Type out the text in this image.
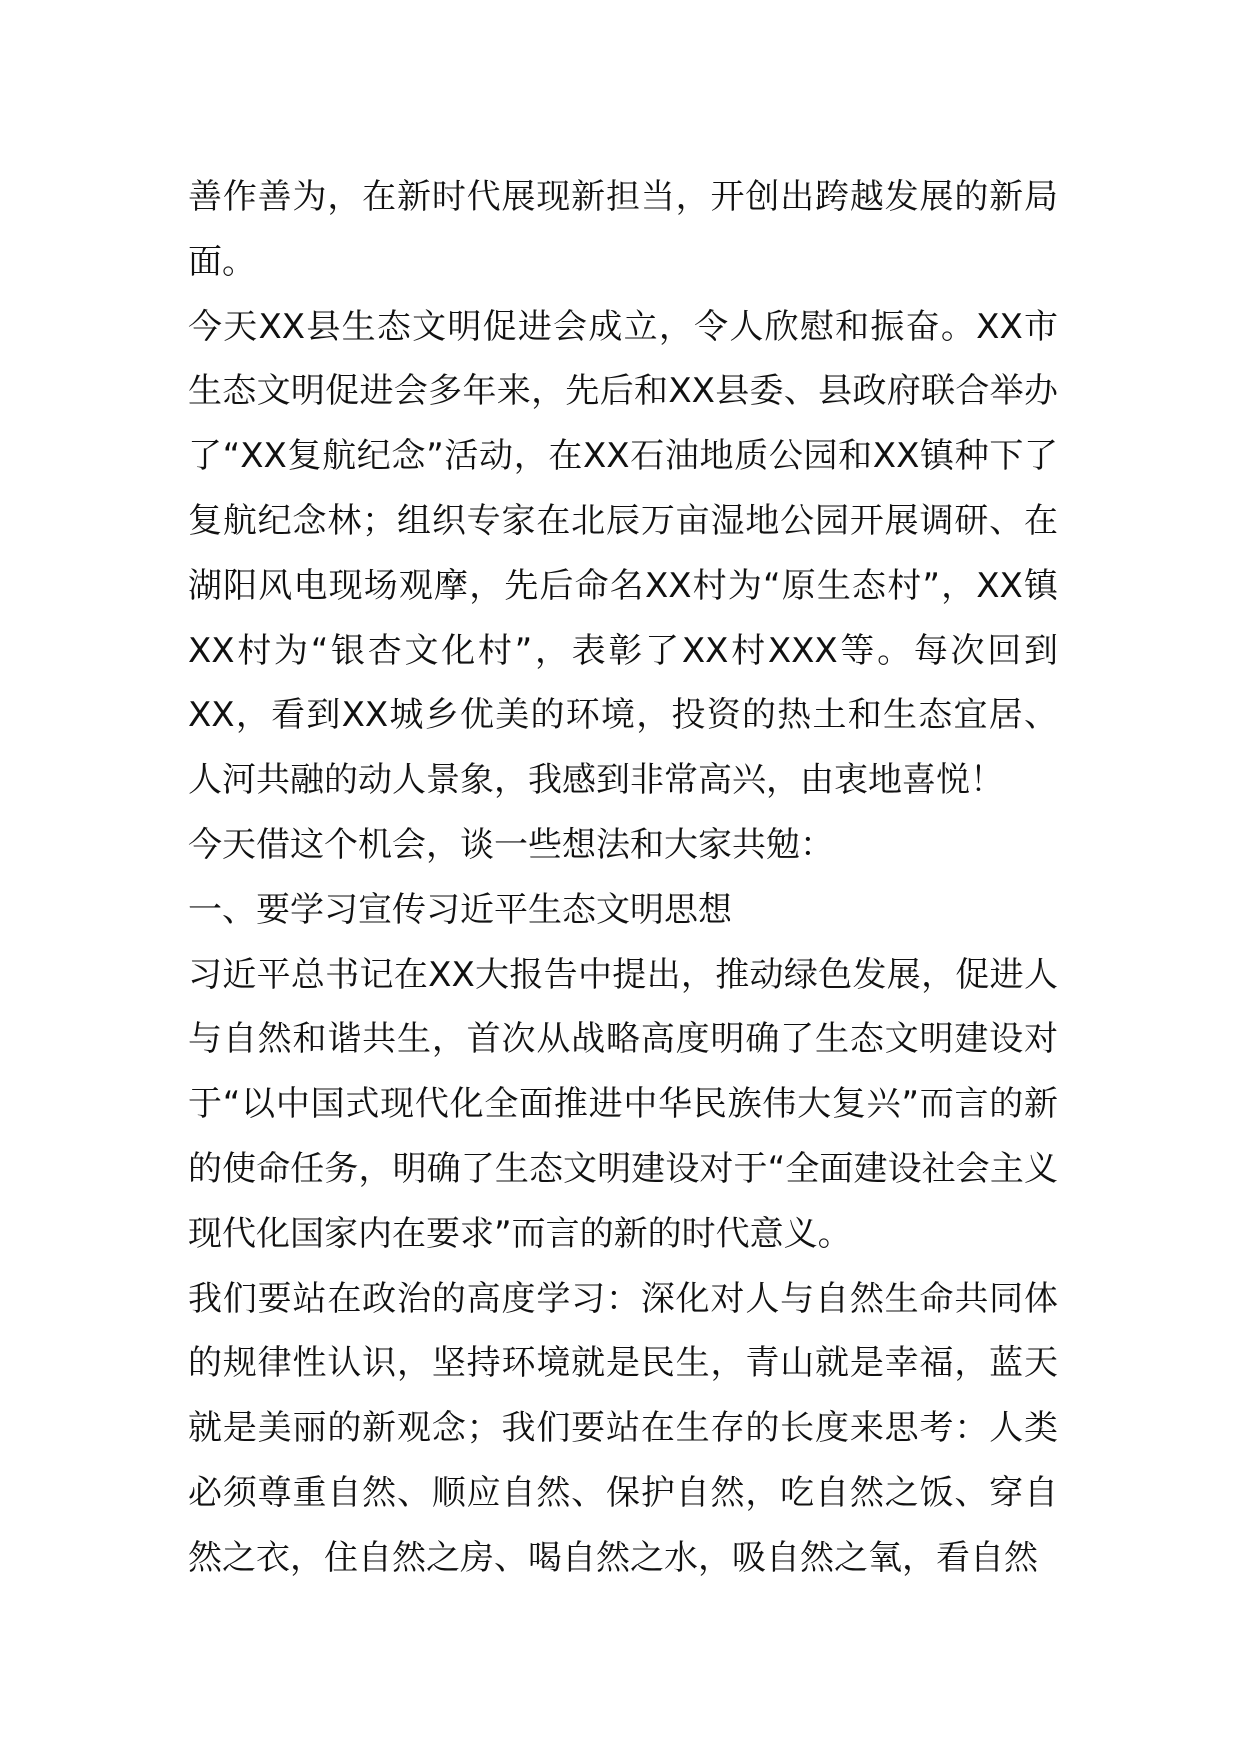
善作善为，在新时代展现新担当，开创出跨越发展的新局面。

今天XX县生态文明促进会成立，令人欣慰和振奋。XX市生态文明促进会多年来，先后和XX县委、县政府联合举办了“XX复航纪念”活动，在XX石油地质公园和XX镇种下了复航纪念林；组织专家在北辰万亩湿地公园开展调研、在湖阳风电现场观摩，先后命名XX村为“原生态村”，XX镇XX村为“银杏文化村”，表彰了XX村XXX等。每次回到XX，看到XX城乡优美的环境，投资的热土和生态宜居、人河共融的动人景象，我感到非常高兴，由衷地喜悦！

今天借这个机会，谈一些想法和大家共勉：

一、要学习宣传习近平生态文明思想

习近平总书记在XX大报告中提出，推动绿色发展，促进人与自然和谐共生，首次从战略高度明确了生态文明建设对于“以中国式现代化全面推进中华民族伟大复兴”而言的新的使命任务，明确了生态文明建设对于“全面建设社会主义现代化国家内在要求”而言的新的时代意义。

我们要站在政治的高度学习：深化对人与自然生命共同体的规律性认识，坚持环境就是民生，青山就是幸福，蓝天就是美丽的新观念；我们要站在生存的长度来思考：人类必须尊重自然、顺应自然、保护自然，吃自然之饭、穿自然之衣，住自然之房、喝自然之水，吸自然之氧，看自然
